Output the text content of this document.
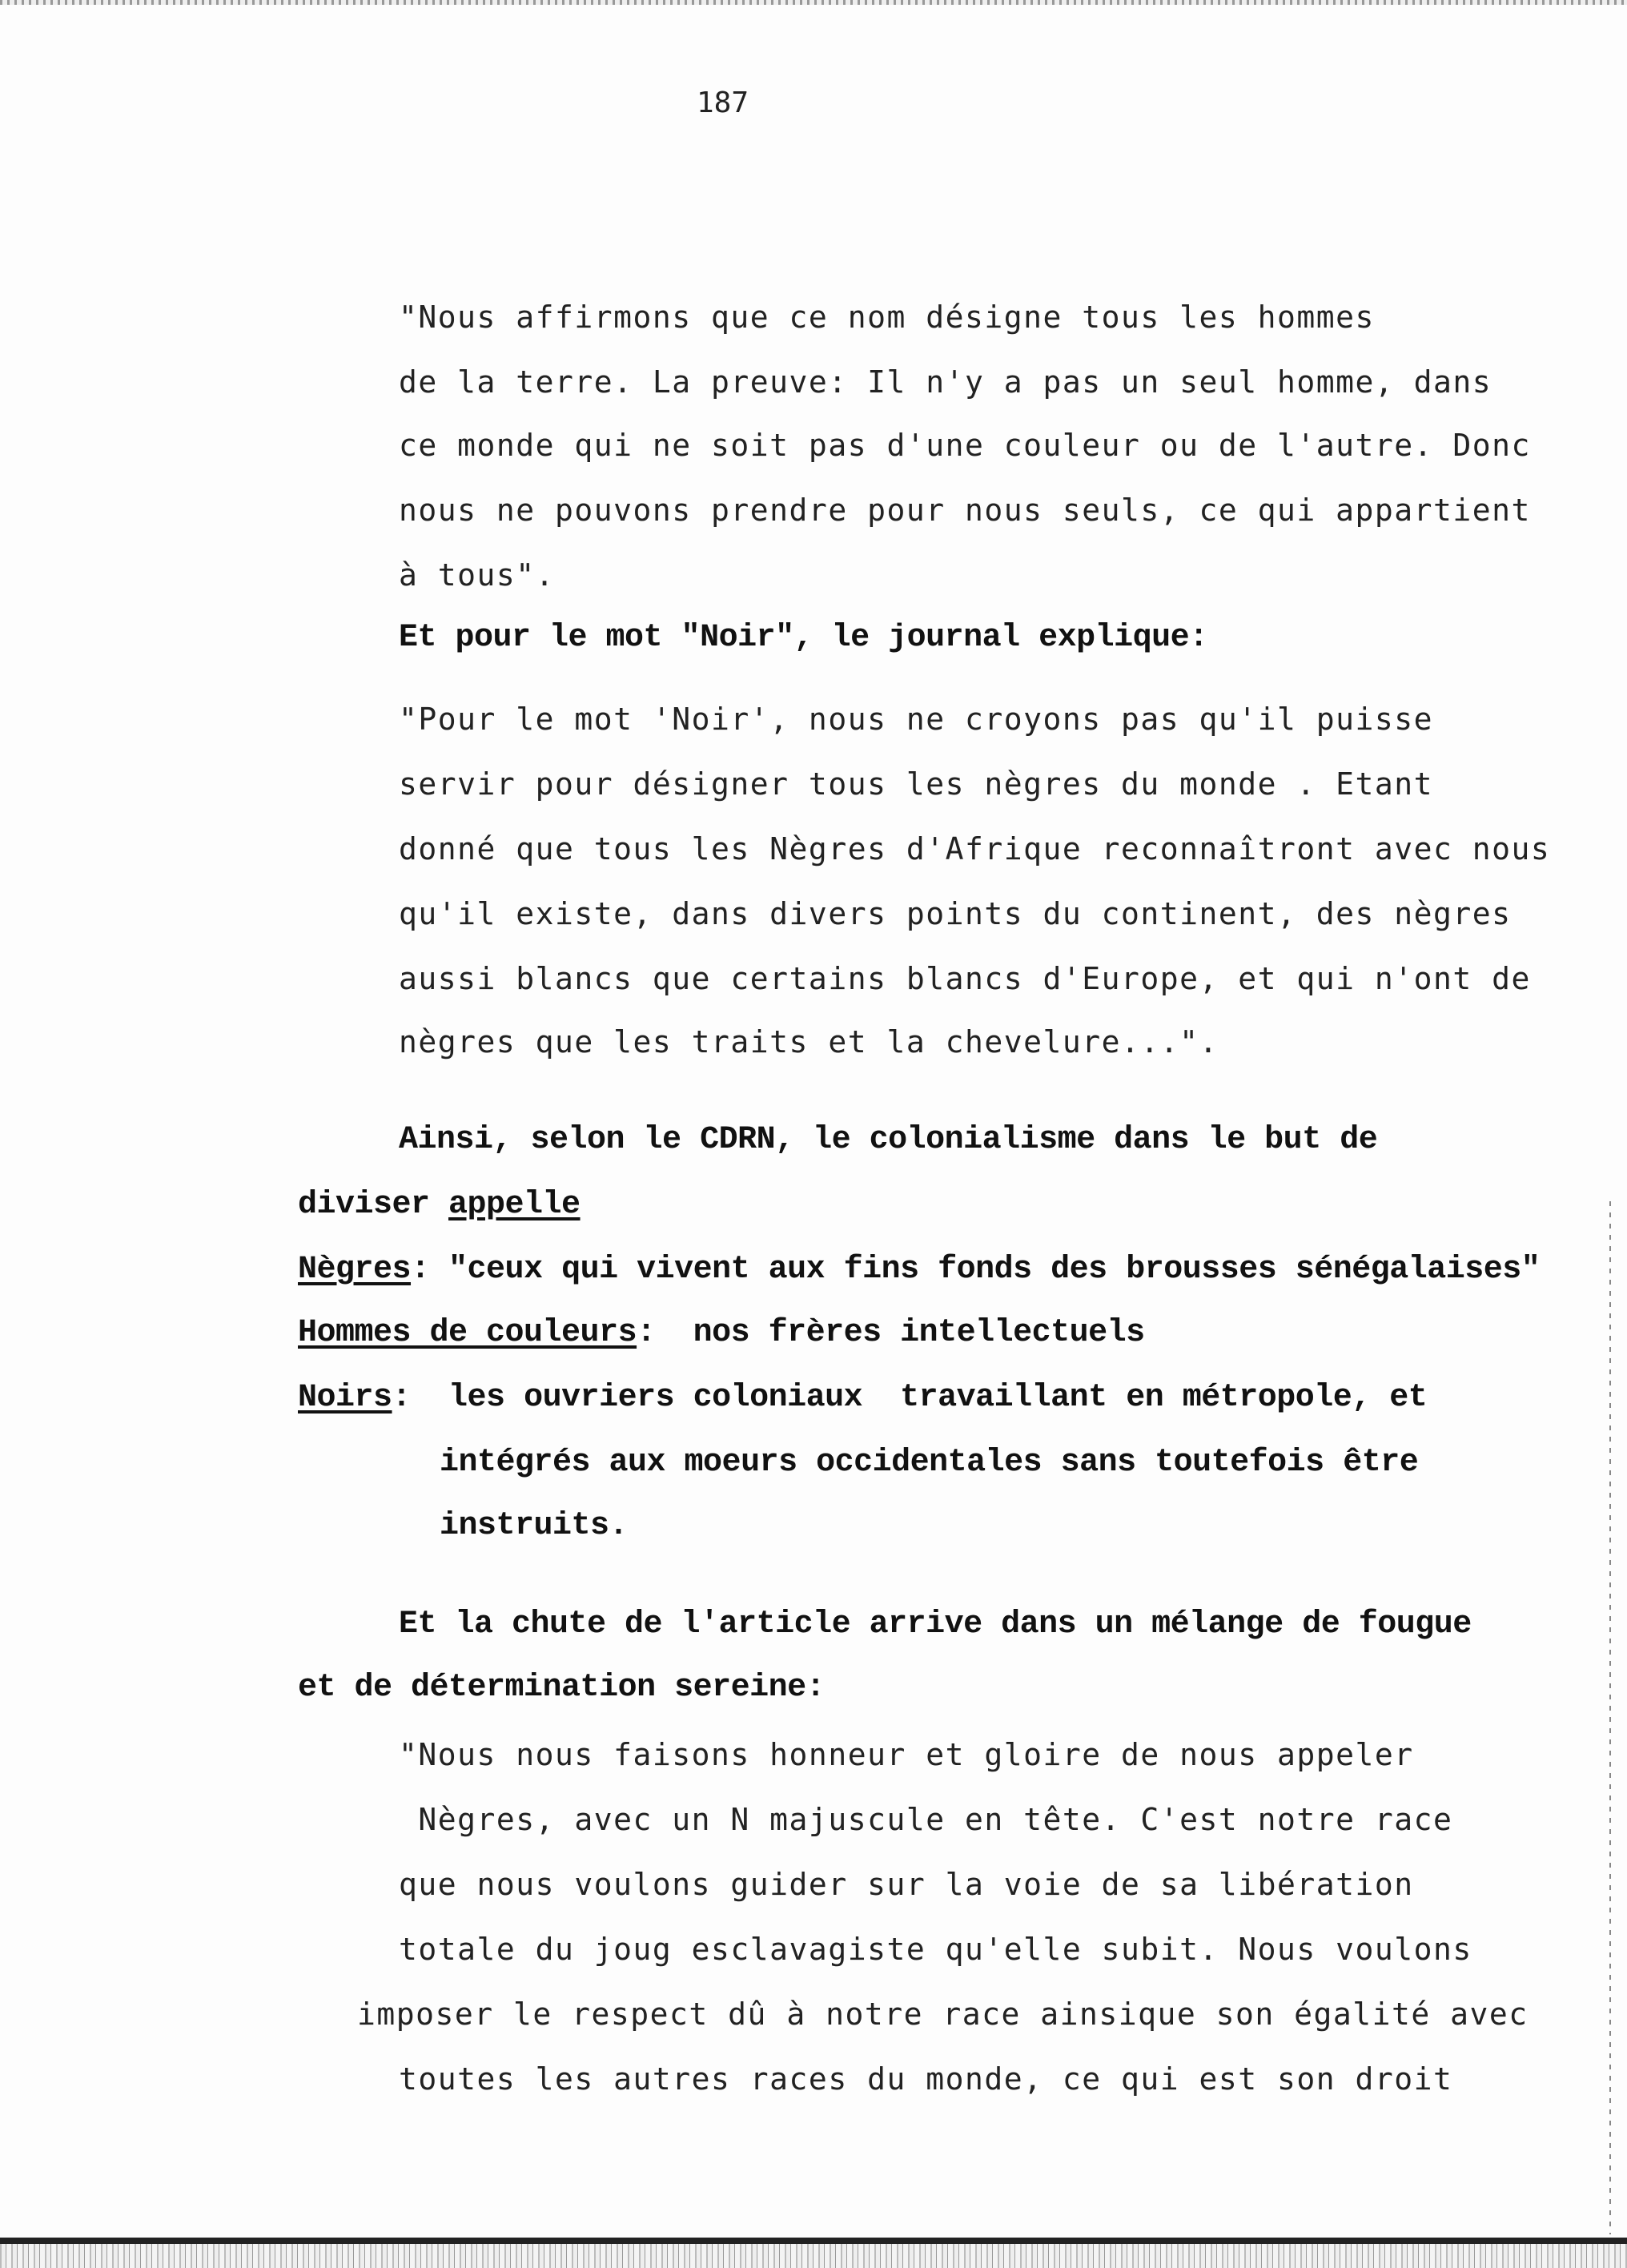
187
"Nous affirmons que ce nom désigne tous les hommes
de la terre. La preuve: Il n'y a pas un seul homme, dans
ce monde qui ne soit pas d'une couleur ou de l'autre. Donc
nous ne pouvons prendre pour nous seuls, ce qui appartient
à tous".
Et pour le mot "Noir", le journal explique:
"Pour le mot 'Noir', nous ne croyons pas qu'il puisse
servir pour désigner tous les nègres du monde . Etant
donné que tous les Nègres d'Afrique reconnaîtront avec nous
qu'il existe, dans divers points du continent, des nègres
aussi blancs que certains blancs d'Europe, et qui n'ont de
nègres que les traits et la chevelure...".
Ainsi, selon le CDRN, le colonialisme dans le but de
diviser appelle
Nègres: "ceux qui vivent aux fins fonds des brousses sénégalaises"
Hommes de couleurs:  nos frères intellectuels
Noirs:  les ouvriers coloniaux  travaillant en métropole, et
intégrés aux moeurs occidentales sans toutefois être
instruits.
Et la chute de l'article arrive dans un mélange de fougue
et de détermination sereine:
"Nous nous faisons honneur et gloire de nous appeler
Nègres, avec un N majuscule en tête. C'est notre race
que nous voulons guider sur la voie de sa libération
totale du joug esclavagiste qu'elle subit. Nous voulons
imposer le respect dû à notre race ainsique son égalité avec
toutes les autres races du monde, ce qui est son droit
